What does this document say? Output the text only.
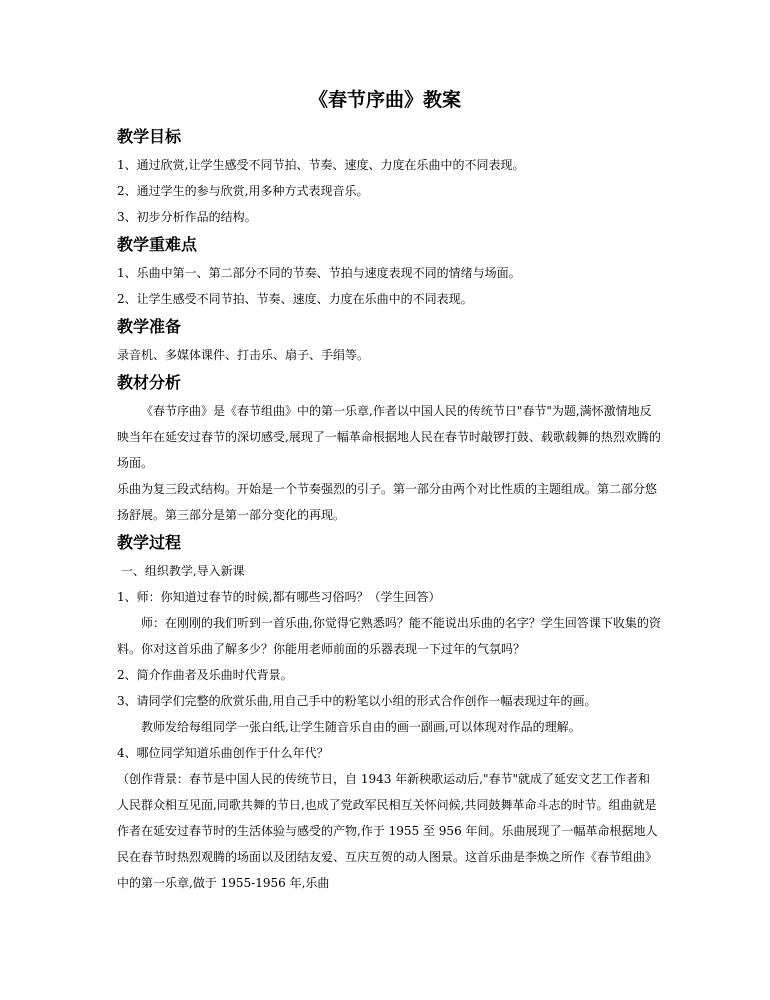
《春节序曲》教案
教学目标

1、通过欣赏,让学生感受不同节拍、节奏、速度、力度在乐曲中的不同表现。

2、通过学生的参与欣赏,用多种方式表现音乐。

3、初步分析作品的结构。

教学重难点

1、乐曲中第一、第二部分不同的节奏、节拍与速度表现不同的情绪与场面。

2、让学生感受不同节拍、节奏、速度、力度在乐曲中的不同表现。

教学准备

录音机、多媒体课件、打击乐、扇子、手绢等。

教材分析

《春节序曲》是《春节组曲》中的第一乐章,作者以中国人民的传统节日"春节"为题,满怀激情地反映当年在延安过春节的深切感受,展现了一幅革命根据地人民在春节时敲锣打鼓、载歌载舞的热烈欢腾的场面。

乐曲为复三段式结构。开始是一个节奏强烈的引子。第一部分由两个对比性质的主题组成。第二部分悠扬舒展。第三部分是第一部分变化的再现。

教学过程

一、组织教学,导入新课

1、师：你知道过春节的时候,都有哪些习俗吗？（学生回答）

师：在刚刚的我们听到一首乐曲,你觉得它熟悉吗？能不能说出乐曲的名字？学生回答课下收集的资料。你对这首乐曲了解多少？你能用老师前面的乐器表现一下过年的气氛吗？

2、简介作曲者及乐曲时代背景。

3、请同学们完整的欣赏乐曲,用自己手中的粉笔以小组的形式合作创作一幅表现过年的画。

教师发给每组同学一张白纸,让学生随音乐自由的画一副画,可以体现对作品的理解。

4、哪位同学知道乐曲创作于什么年代？

（创作背景：春节是中国人民的传统节日，自 1943 年新秧歌运动后,"春节"就成了延安文艺工作者和人民群众相互见面,同歌共舞的节日,也成了党政军民相互关怀问候,共同鼓舞革命斗志的时节。组曲就是作者在延安过春节时的生活体验与感受的产物,作于 1955 至 956 年间。乐曲展现了一幅革命根据地人民在春节时热烈观腾的场面以及团结友爱、互庆互贺的动人图景。这首乐曲是李焕之所作《春节组曲》中的第一乐章,做于 1955-1956 年,乐曲
